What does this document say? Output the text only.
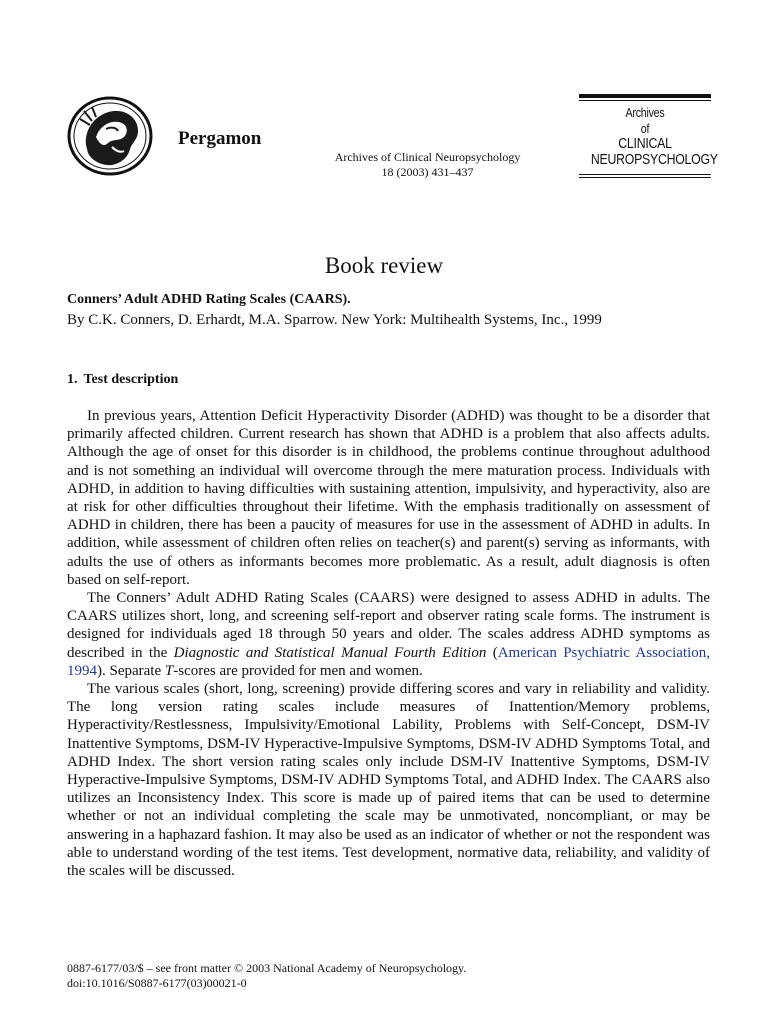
Pergamon
Archives of Clinical Neuropsychology
18 (2003) 431–437
Archives
of
CLINICAL
NEUROPSYCHOLOGY
Book review
Conners’ Adult ADHD Rating Scales (CAARS).
By C.K. Conners, D. Erhardt, M.A. Sparrow. New York: Multihealth Systems, Inc., 1999
1. Test description

In previous years, Attention Deficit Hyperactivity Disorder (ADHD) was thought to be a disorder that primarily affected children. Current research has shown that ADHD is a problem that also affects adults. Although the age of onset for this disorder is in childhood, the problems continue throughout adulthood and is not something an individual will overcome through the mere maturation process. Individuals with ADHD, in addition to having difficulties with sustaining attention, impulsivity, and hyperactivity, also are at risk for other difficulties throughout their lifetime. With the emphasis traditionally on assessment of ADHD in children, there has been a paucity of measures for use in the assessment of ADHD in adults. In addition, while assessment of children often relies on teacher(s) and parent(s) serving as informants, with adults the use of others as informants becomes more problematic. As a result, adult diagnosis is often based on self-report.

The Conners’ Adult ADHD Rating Scales (CAARS) were designed to assess ADHD in adults. The CAARS utilizes short, long, and screening self-report and observer rating scale forms. The instrument is designed for individuals aged 18 through 50 years and older. The scales address ADHD symptoms as described in the Diagnostic and Statistical Manual Fourth Edition (American Psychiatric Association, 1994). Separate T-scores are provided for men and women.

The various scales (short, long, screening) provide differing scores and vary in reliability and validity. The long version rating scales include measures of Inattention/Memory problems, Hyperactivity/Restlessness, Impulsivity/Emotional Lability, Problems with Self-Concept, DSM-IV Inattentive Symptoms, DSM-IV Hyperactive-Impulsive Symptoms, DSM-IV ADHD Symptoms Total, and ADHD Index. The short version rating scales only include DSM-IV Inattentive Symptoms, DSM-IV Hyperactive-Impulsive Symptoms, DSM-IV ADHD Symptoms Total, and ADHD Index. The CAARS also utilizes an Inconsistency Index. This score is made up of paired items that can be used to determine whether or not an individual completing the scale may be unmotivated, noncompliant, or may be answering in a haphazard fashion. It may also be used as an indicator of whether or not the respondent was able to understand wording of the test items. Test development, normative data, reliability, and validity of the scales will be discussed.

0887-6177/03/$ – see front matter © 2003 National Academy of Neuropsychology.
doi:10.1016/S0887-6177(03)00021-0
